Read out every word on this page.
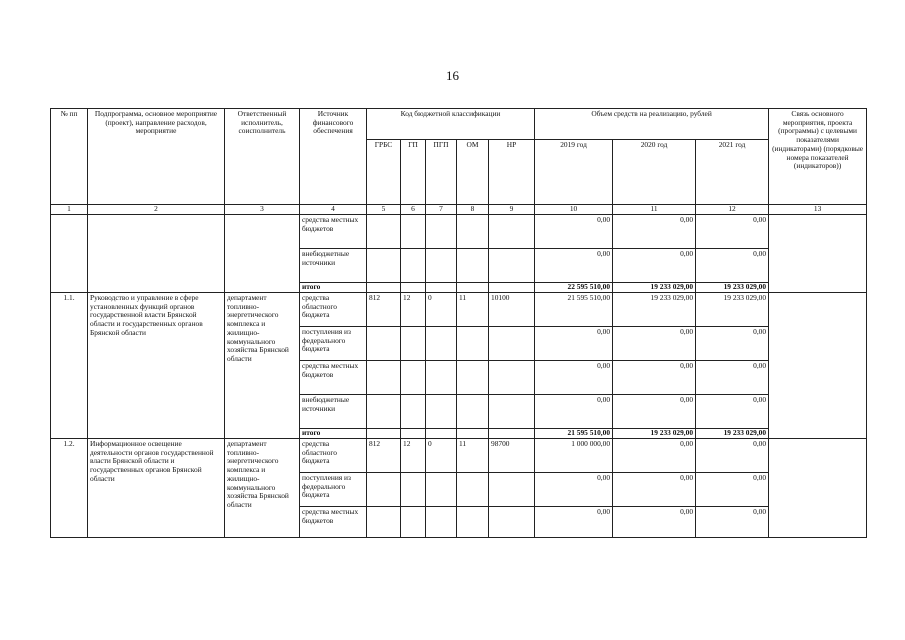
16
№ пп	Подпрограмма, основное мероприятие (проект), направление расходов, мероприятие	Ответственный исполнитель, соисполнитель	Источник финансового обеспечения	Код бюджетной классификации					Объем средств на реализацию, рублей			Связь основного мероприятия, проекта (программы) с целевыми показателями (индикаторами) (порядковые номера показателей (индикаторов))
				ГРБС	ГП	ПГП	ОМ	НР	2019 год	2020 год	2021 год	
1	2	3	4	5	6	7	8	9	10	11	12	13
			средства местных бюджетов						0,00	0,00	0,00	
			внебюджетные источники						0,00	0,00	0,00	
			итого						22 595 510,00	19 233 029,00	19 233 029,00	
1.1.	Руководство и управление в сфере установленных функций органов государственной власти Брянской области и государственных органов Брянской области	департамент топливно-энергетического комплекса и жилищно-коммунального хозяйства Брянской области	средства областного бюджета	812	12	0	11	10100	21 595 510,00	19 233 029,00	19 233 029,00	
			поступления из федерального бюджета						0,00	0,00	0,00	
			средства местных бюджетов						0,00	0,00	0,00	
			внебюджетные источники						0,00	0,00	0,00	
			итого						21 595 510,00	19 233 029,00	19 233 029,00	
1.2.	Информационное освещение деятельности органов государственной власти Брянской области и государственных органов Брянской области	департамент топливно-энергетического комплекса и жилищно-коммунального хозяйства Брянской области	средства областного бюджета	812	12	0	11	98700	1 000 000,00	0,00	0,00	
			поступления из федерального бюджета						0,00	0,00	0,00	
			средства местных бюджетов						0,00	0,00	0,00	
